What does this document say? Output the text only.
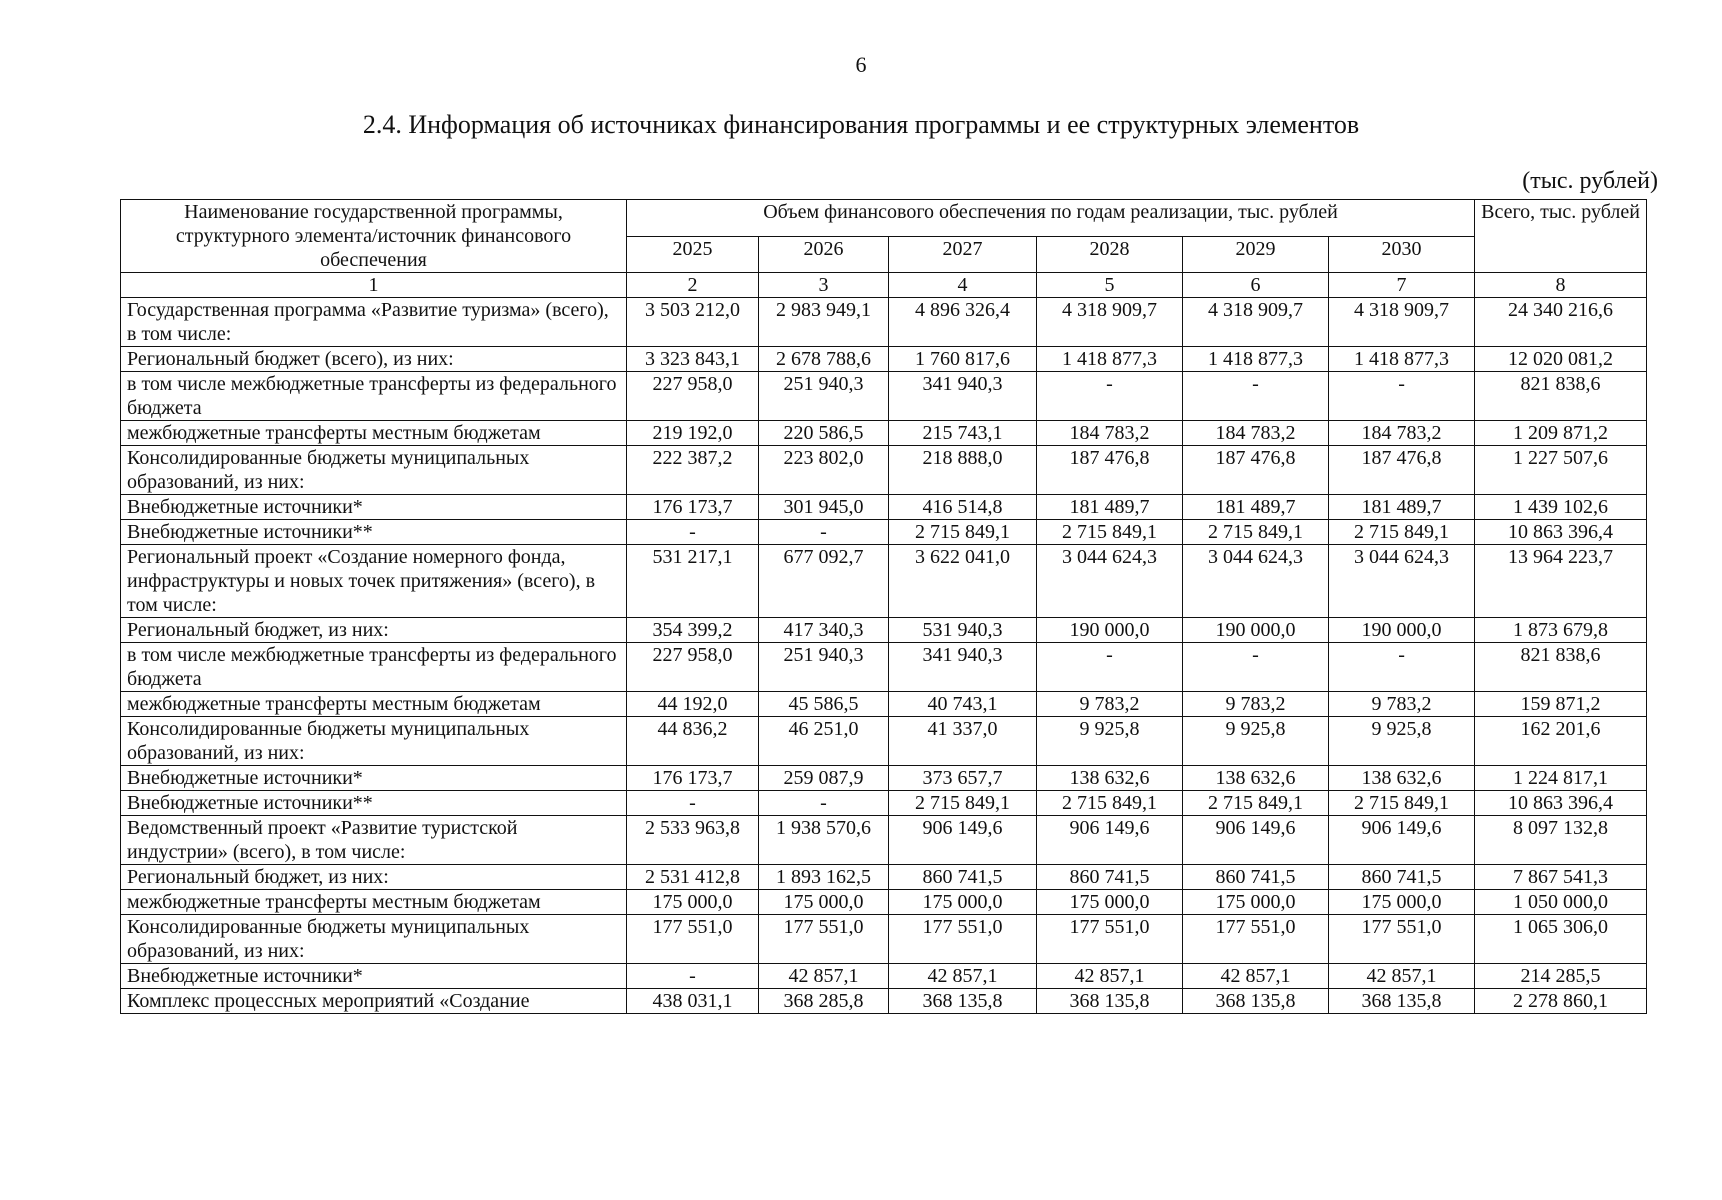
6
2.4. Информация об источниках финансирования программы и ее структурных элементов
(тыс. рублей)
Наименование государственной программы, структурного элемента/источник финансового обеспечения	Объем финансового обеспечения по годам реализации, тыс. рублей						Всего, тыс. рублей
	2025	2026	2027	2028	2029	2030	
1	2	3	4	5	6	7	8
Государственная программа «Развитие туризма» (всего), в том числе:	3 503 212,0	2 983 949,1	4 896 326,4	4 318 909,7	4 318 909,7	4 318 909,7	24 340 216,6
Региональный бюджет (всего), из них:	3 323 843,1	2 678 788,6	1 760 817,6	1 418 877,3	1 418 877,3	1 418 877,3	12 020 081,2
в том числе межбюджетные трансферты из федерального бюджета	227 958,0	251 940,3	341 940,3	-	-	-	821 838,6
межбюджетные трансферты местным бюджетам	219 192,0	220 586,5	215 743,1	184 783,2	184 783,2	184 783,2	1 209 871,2
Консолидированные бюджеты муниципальных образований, из них:	222 387,2	223 802,0	218 888,0	187 476,8	187 476,8	187 476,8	1 227 507,6
Внебюджетные источники*	176 173,7	301 945,0	416 514,8	181 489,7	181 489,7	181 489,7	1 439 102,6
Внебюджетные источники**	-	-	2 715 849,1	2 715 849,1	2 715 849,1	2 715 849,1	10 863 396,4
Региональный проект «Создание номерного фонда, инфраструктуры и новых точек притяжения» (всего), в том числе:	531 217,1	677 092,7	3 622 041,0	3 044 624,3	3 044 624,3	3 044 624,3	13 964 223,7
Региональный бюджет, из них:	354 399,2	417 340,3	531 940,3	190 000,0	190 000,0	190 000,0	1 873 679,8
в том числе межбюджетные трансферты из федерального бюджета	227 958,0	251 940,3	341 940,3	-	-	-	821 838,6
межбюджетные трансферты местным бюджетам	44 192,0	45 586,5	40 743,1	9 783,2	9 783,2	9 783,2	159 871,2
Консолидированные бюджеты муниципальных образований, из них:	44 836,2	46 251,0	41 337,0	9 925,8	9 925,8	9 925,8	162 201,6
Внебюджетные источники*	176 173,7	259 087,9	373 657,7	138 632,6	138 632,6	138 632,6	1 224 817,1
Внебюджетные источники**	-	-	2 715 849,1	2 715 849,1	2 715 849,1	2 715 849,1	10 863 396,4
Ведомственный проект «Развитие туристской индустрии» (всего), в том числе:	2 533 963,8	1 938 570,6	906 149,6	906 149,6	906 149,6	906 149,6	8 097 132,8
Региональный бюджет, из них:	2 531 412,8	1 893 162,5	860 741,5	860 741,5	860 741,5	860 741,5	7 867 541,3
межбюджетные трансферты местным бюджетам	175 000,0	175 000,0	175 000,0	175 000,0	175 000,0	175 000,0	1 050 000,0
Консолидированные бюджеты муниципальных образований, из них:	177 551,0	177 551,0	177 551,0	177 551,0	177 551,0	177 551,0	1 065 306,0
Внебюджетные источники*	-	42 857,1	42 857,1	42 857,1	42 857,1	42 857,1	214 285,5
Комплекс процессных мероприятий «Создание	438 031,1	368 285,8	368 135,8	368 135,8	368 135,8	368 135,8	2 278 860,1
